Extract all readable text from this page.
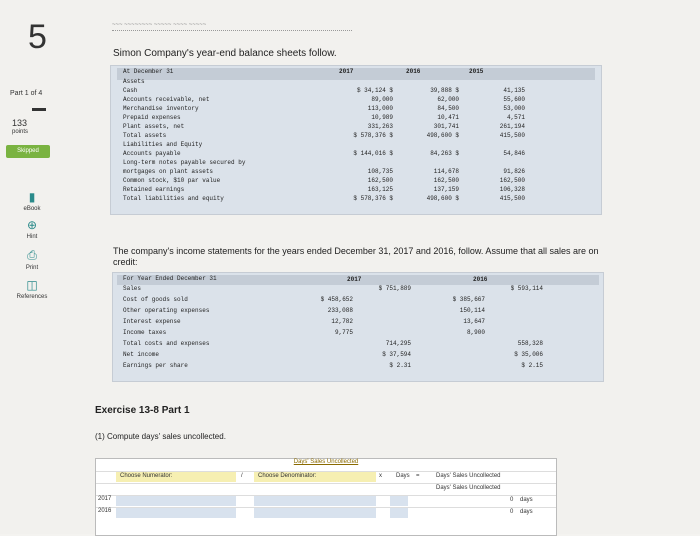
5
Part 1 of 4
133
points
Skipped
▮
eBook
⊕
Hint
⎙
Print
◫
References
~~~ ~~~~~~~~ ~~~~~ ~~~~ ~~~~~
Simon Company's year-end balance sheets follow.
2017	2016	2015
At December 31
Assets
Cash	$ 34,124 $	39,888 $	41,135
Accounts receivable, net	89,000	62,000	55,600
Merchandise inventory	113,000	84,500	53,000
Prepaid expenses	10,989	10,471	4,571
Plant assets, net	331,263	301,741	261,194
Total assets	$ 578,376 $	498,600 $	415,500
Liabilities and Equity
Accounts payable	$ 144,016 $	84,263 $	54,846
Long-term notes payable secured by
mortgages on plant assets	108,735	114,678	91,826
Common stock, $10 par value	162,500	162,500	162,500
Retained earnings	163,125	137,159	106,328
Total liabilities and equity	$ 578,376 $	498,600 $	415,500
The company's income statements for the years ended December 31, 2017 and 2016, follow. Assume that all sales are on credit:
For Year Ended December 31	2017	2016
Sales	$ 751,889	$ 593,114
Cost of goods sold	$ 458,652	$ 385,667
Other operating expenses	233,088	150,114
Interest expense	12,782	13,647
Income taxes	9,775	8,900
Total costs and expenses	714,295	558,328
Net income	$ 37,594	$ 35,006
Earnings per share	$ 2.31	$ 2.15
Exercise 13-8 Part 1
(1) Compute days' sales uncollected.
Days' Sales Uncollected
Choose Numerator:	/	Choose Denominator:	x Days =	Days' Sales Uncollected
Days' Sales Uncollected
2017	0 days
2016	0 days
